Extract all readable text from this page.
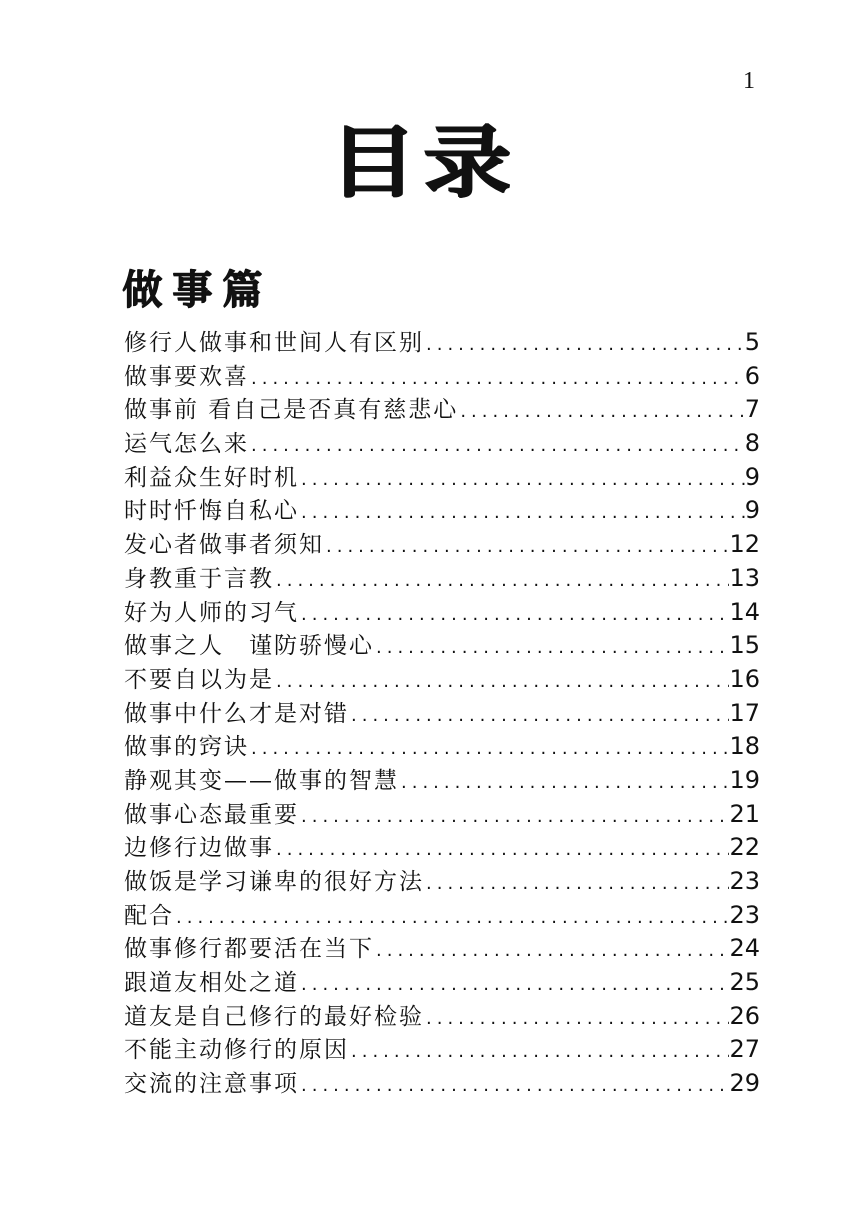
1
目录
做事篇
修行人做事和世间人有区别 .....	5
做事要欢喜 .....	6
做事前 看自己是否真有慈悲心 .....	7
运气怎么来 .....	8
利益众生好时机 .....	9
时时忏悔自私心 .....	9
发心者做事者须知 .....	12
身教重于言教 .....	13
好为人师的习气 .....	14
做事之人　谨防骄慢心 .....	15
不要自以为是 .....	16
做事中什么才是对错 .....	17
做事的窍诀 .....	18
静观其变——做事的智慧 .....	19
做事心态最重要 .....	21
边修行边做事 .....	22
做饭是学习谦卑的很好方法 .....	23
配合 .....	23
做事修行都要活在当下 .....	24
跟道友相处之道 .....	25
道友是自己修行的最好检验 .....	26
不能主动修行的原因 .....	27
交流的注意事项 .....	29
